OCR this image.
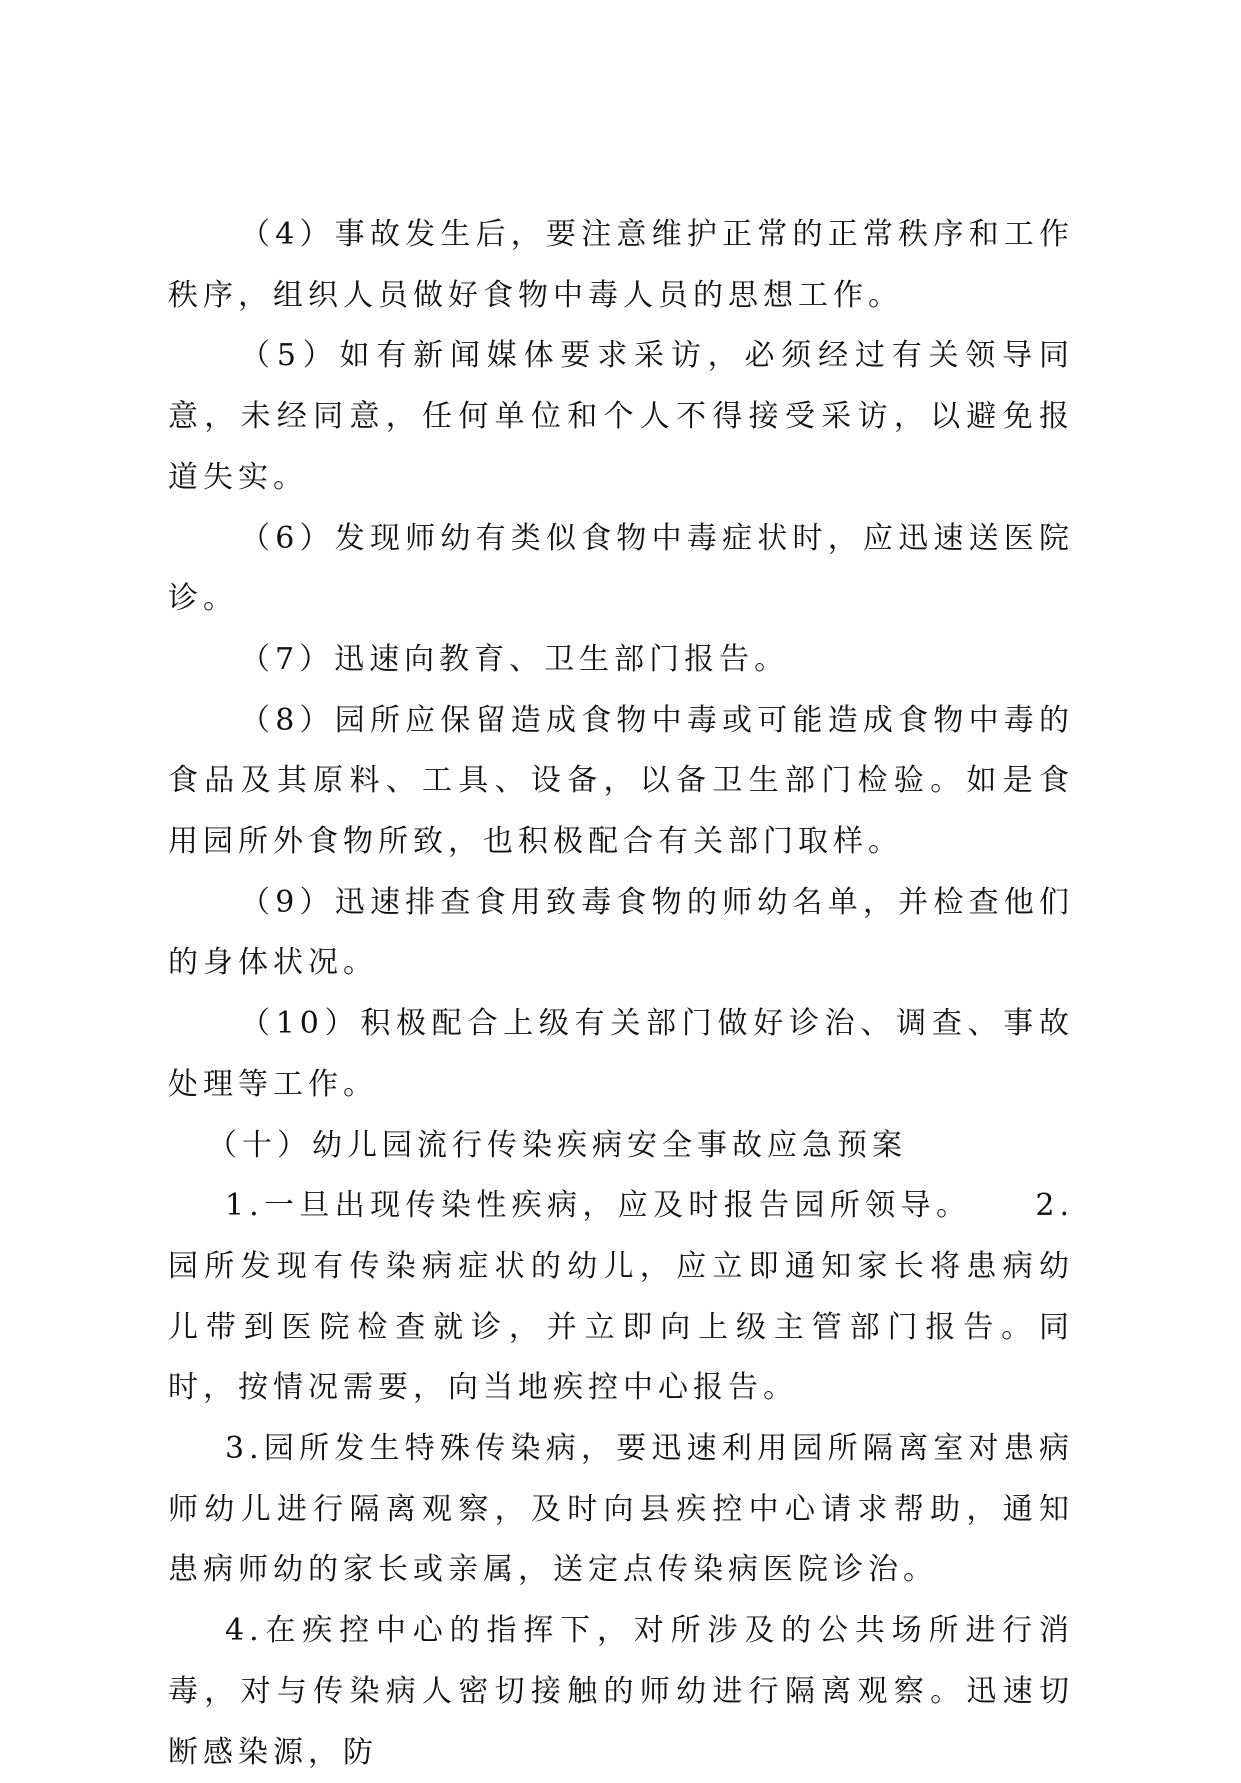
（4）事故发生后，要注意维护正常的正常秩序和工作秩序，组织人员做好食物中毒人员的思想工作。

（5）如有新闻媒体要求采访，必须经过有关领导同意，未经同意，任何单位和个人不得接受采访，以避免报道失实。

（6）发现师幼有类似食物中毒症状时，应迅速送医院诊。

（7）迅速向教育、卫生部门报告。

（8）园所应保留造成食物中毒或可能造成食物中毒的食品及其原料、工具、设备，以备卫生部门检验。如是食用园所外食物所致，也积极配合有关部门取样。

（9）迅速排查食用致毒食物的师幼名单，并检查他们的身体状况。

（10）积极配合上级有关部门做好诊治、调查、事故处理等工作。

（十）幼儿园流行传染疾病安全事故应急预案

1.一旦出现传染性疾病，应及时报告园所领导。 2.园所发现有传染病症状的幼儿，应立即通知家长将患病幼儿带到医院检查就诊，并立即向上级主管部门报告。同时，按情况需要，向当地疾控中心报告。

3.园所发生特殊传染病，要迅速利用园所隔离室对患病师幼儿进行隔离观察，及时向县疾控中心请求帮助，通知患病师幼的家长或亲属，送定点传染病医院诊治。

4.在疾控中心的指挥下，对所涉及的公共场所进行消毒，对与传染病人密切接触的师幼进行隔离观察。迅速切断感染源，防
